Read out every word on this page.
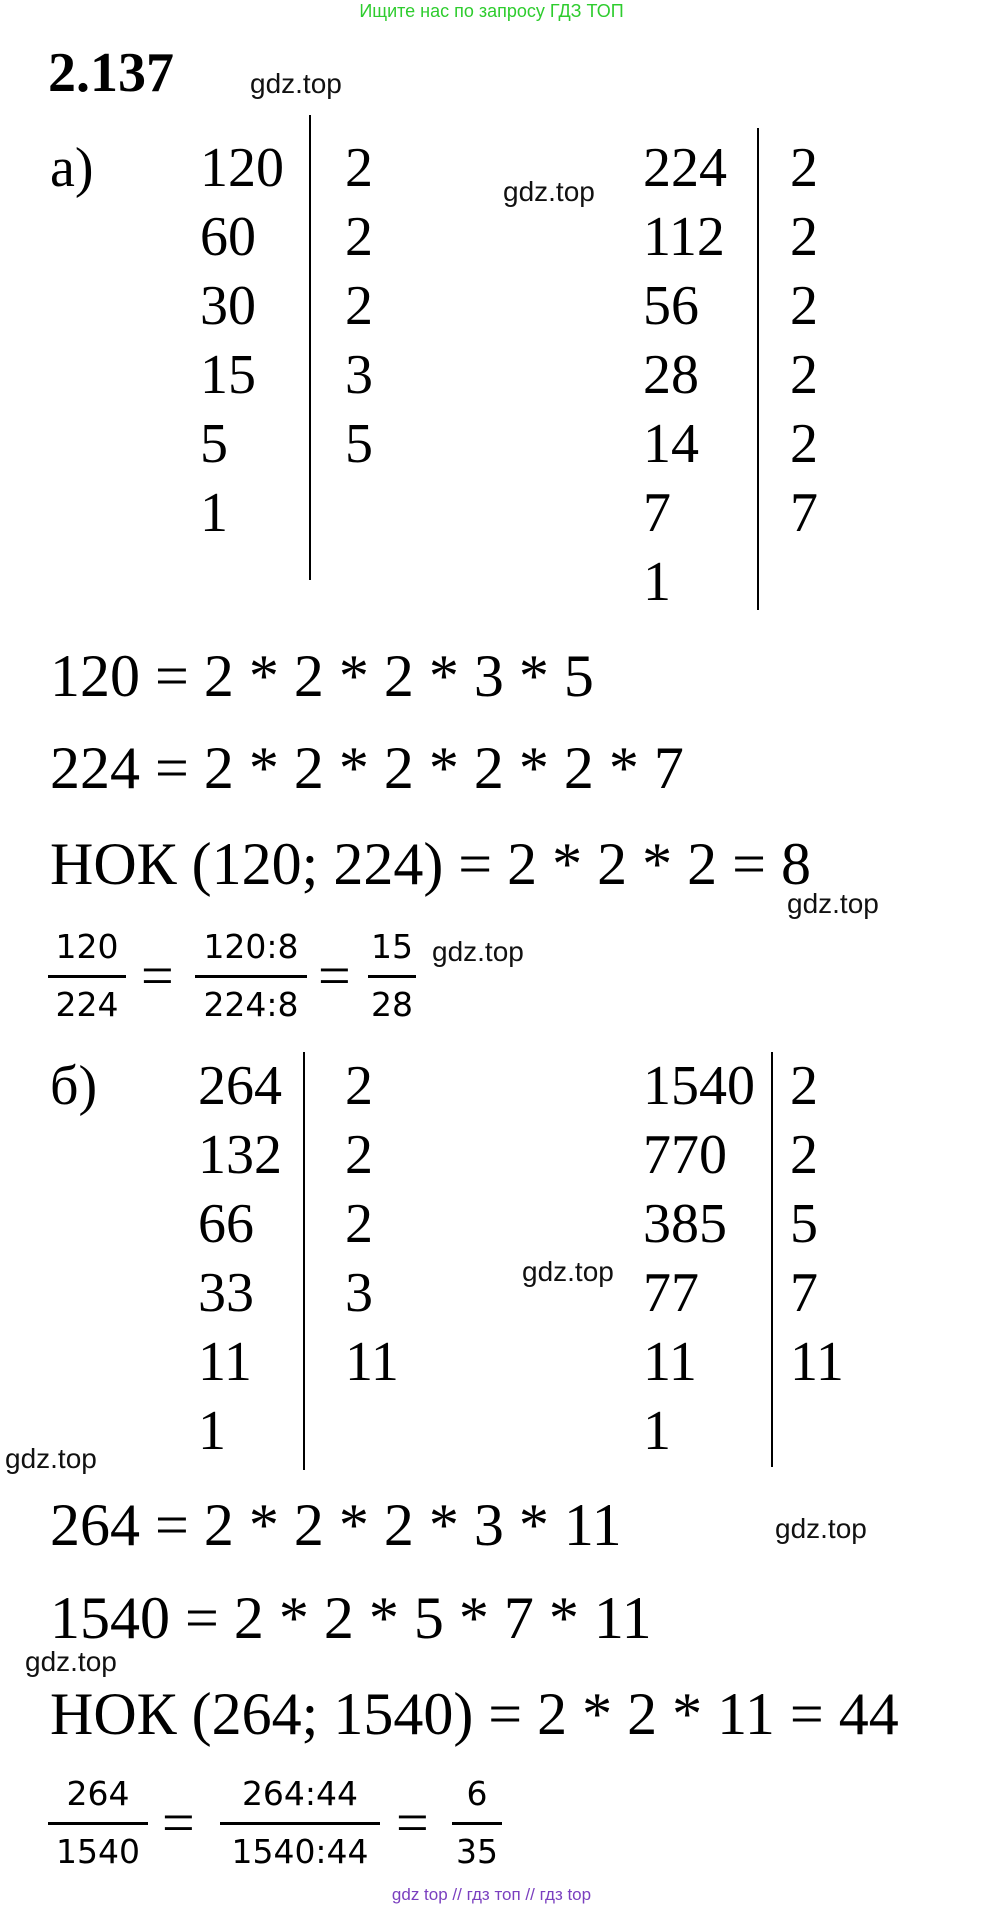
Ищите нас по запросу ГДЗ ТОП
2.137	gdz.top
а) 120
60
30
15
5
1
2
2
2
3
5
gdz.top 224
112
56
28
14
7
1
2
2
2
2
2
7
120 = 2 * 2 * 2 * 3 * 5
224 = 2 * 2 * 2 * 2 * 2 * 7
НОК (120; 224) = 2 * 2 * 2 = 8
gdz.top
120
224 = 120:8
224:8 = 15
28
gdz.top
б) 264
132
66
33
11
1
2
2
2
3
11
gdz.top
1540
770
385
77
11
1
2
2
5
7
11
gdz.top
264 = 2 * 2 * 2 * 3 * 11	gdz.top
1540 = 2 * 2 * 5 * 7 * 11
gdz.top
НОК (264; 1540) = 2 * 2 * 11 = 44
264
1540 = 264:44
1540:44 = 6
35
gdz top // гдз топ // гдз top
